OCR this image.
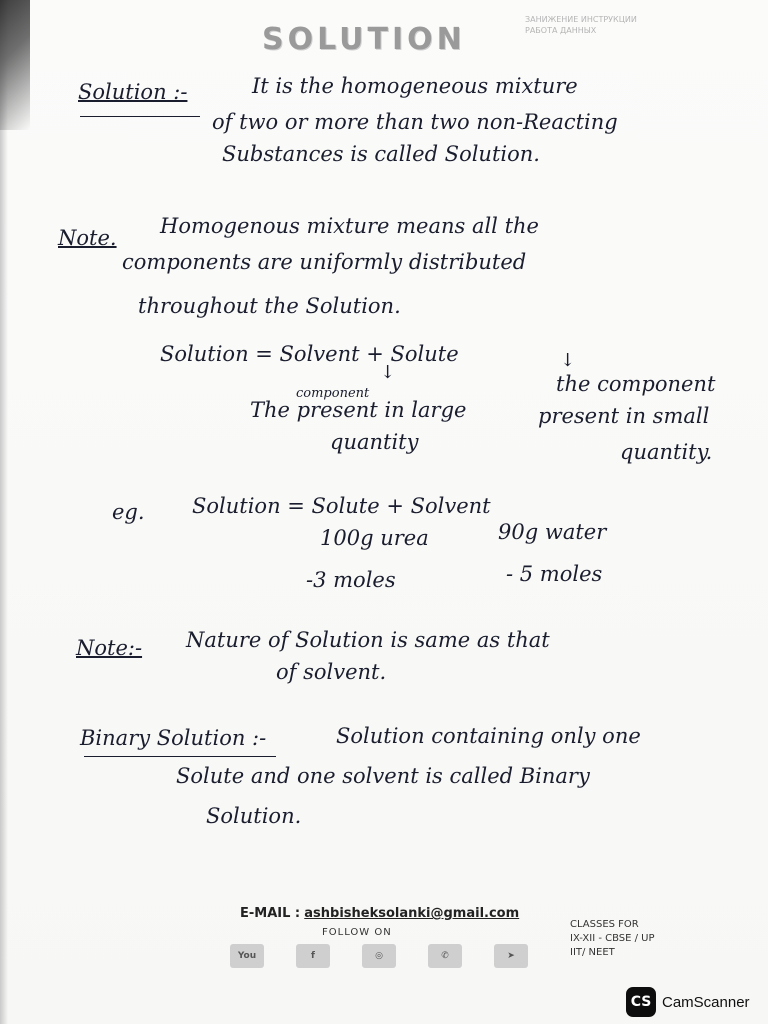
SOLUTION
ЗАНИЖЕНИЕ ИНСТРУКЦИИ
РАБОТА ДАННЫХ
Solution :-	It is the homogeneous mixture
of two or more than two non-Reacting
Substances is called Solution.
Note. Homogenous mixture means all the
components are uniformly distributed
throughout the Solution.
Solution = Solvent + Solute
component
↓
↓
The present in large
quantity
the component
present in small
quantity.
eg. Solution = Solute + Solvent
100g urea	90g water
-3 moles	- 5 moles
Note:- Nature of Solution is same as that
of solvent.
Binary Solution :-	Solution containing only one
Solute and one solvent is called Binary
Solution.
E-MAIL : ashbisheksolanki@gmail.com
FOLLOW ON
You	f	◎	✆	➤
CLASSES FOR
IX-XII - CBSE / UP
IIT/ NEET
CS CamScanner
